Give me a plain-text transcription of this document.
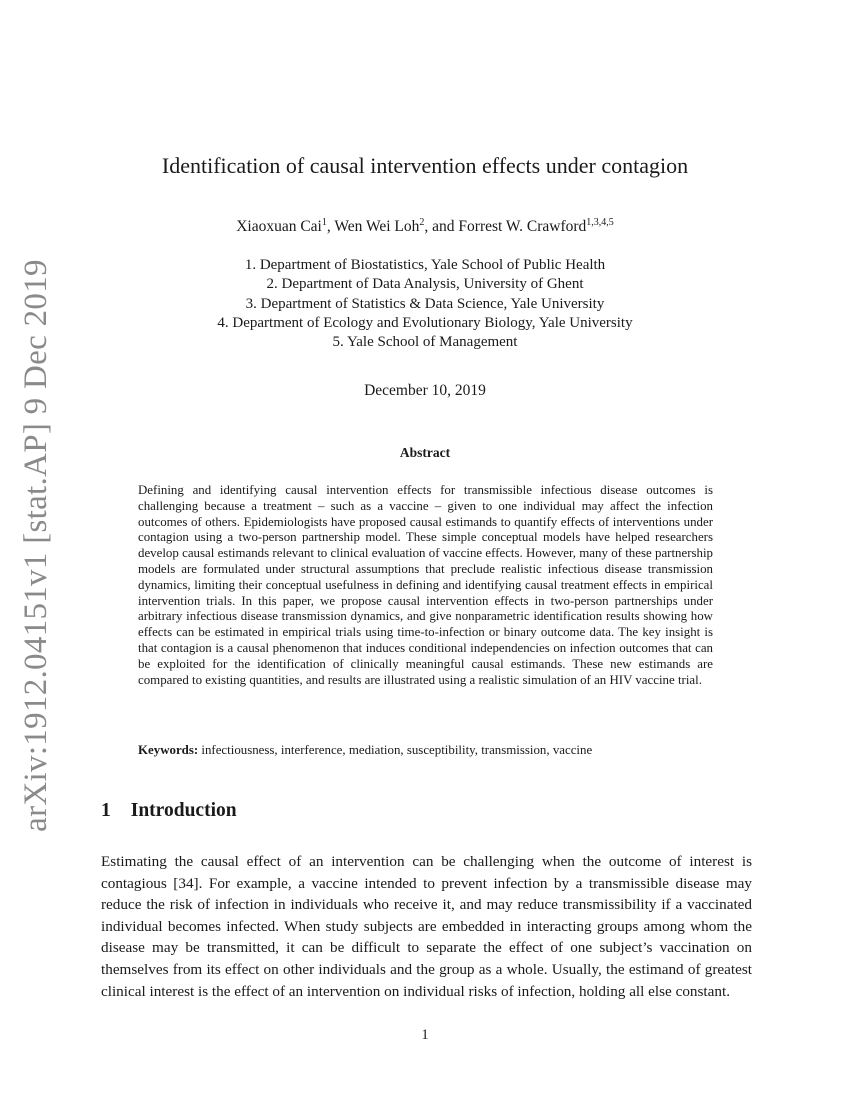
arXiv:1912.04151v1 [stat.AP] 9 Dec 2019
Identification of causal intervention effects under contagion
Xiaoxuan Cai$^1$, Wen Wei Loh$^2$, and Forrest W. Crawford$^{1,3,4,5}$
1. Department of Biostatistics, Yale School of Public Health
2. Department of Data Analysis, University of Ghent
3. Department of Statistics & Data Science, Yale University
4. Department of Ecology and Evolutionary Biology, Yale University
5. Yale School of Management
December 10, 2019
Abstract

Defining and identifying causal intervention effects for transmissible infectious disease outcomes is challenging because a treatment – such as a vaccine – given to one individual may affect the infection outcomes of others. Epidemiologists have proposed causal estimands to quantify effects of interventions under contagion using a two-person partnership model. These simple conceptual models have helped researchers develop causal estimands relevant to clinical evaluation of vaccine effects. However, many of these partnership models are formulated under structural assumptions that preclude realistic infectious disease transmission dynamics, limiting their conceptual usefulness in defining and identifying causal treatment effects in empirical intervention trials. In this paper, we propose causal intervention effects in two-person partnerships under arbitrary infectious disease transmission dynamics, and give nonparametric identification results showing how effects can be estimated in empirical trials using time-to-infection or binary outcome data. The key insight is that contagion is a causal phenomenon that induces conditional independencies on infection outcomes that can be exploited for the identification of clinically meaningful causal estimands. These new estimands are compared to existing quantities, and results are illustrated using a realistic simulation of an HIV vaccine trial.

Keywords: infectiousness, interference, mediation, susceptibility, transmission, vaccine
1 Introduction

Estimating the causal effect of an intervention can be challenging when the outcome of interest is contagious [34]. For example, a vaccine intended to prevent infection by a transmissible disease may reduce the risk of infection in individuals who receive it, and may reduce transmissibility if a vaccinated individual becomes infected. When study subjects are embedded in interacting groups among whom the disease may be transmitted, it can be difficult to separate the effect of one subject’s vaccination on themselves from its effect on other individuals and the group as a whole. Usually, the estimand of greatest clinical interest is the effect of an intervention on individual risks of infection, holding all else constant.

1
